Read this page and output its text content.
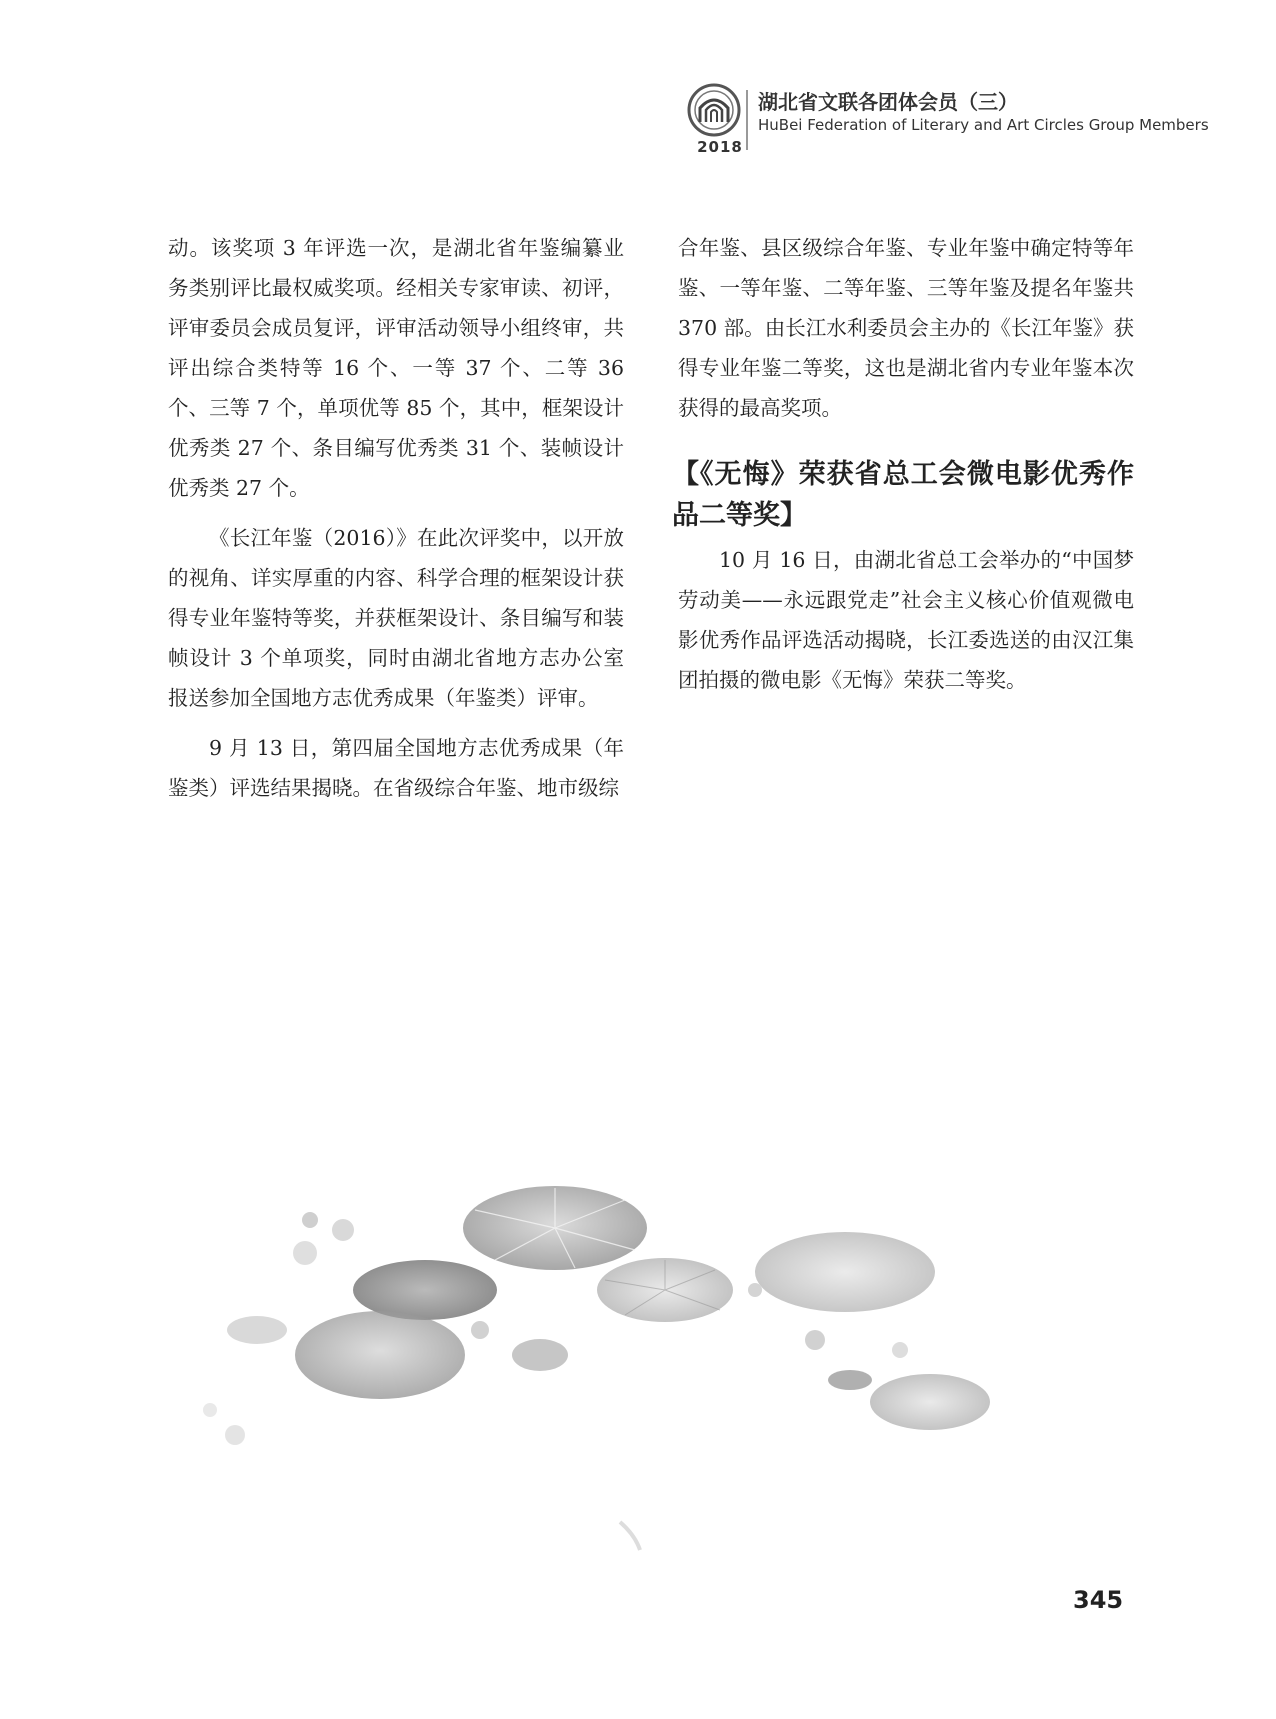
2018
湖北省文联各团体会员（三）
HuBei Federation of Literary and Art Circles Group Members

动。该奖项 3 年评选一次，是湖北省年鉴编纂业务类别评比最权威奖项。经相关专家审读、初评，评审委员会成员复评，评审活动领导小组终审，共评出综合类特等 16 个、一等 37 个、二等 36 个、三等 7 个，单项优等 85 个，其中，框架设计优秀类 27 个、条目编写优秀类 31 个、装帧设计优秀类 27 个。

《长江年鉴（2016）》在此次评奖中，以开放的视角、详实厚重的内容、科学合理的框架设计获得专业年鉴特等奖，并获框架设计、条目编写和装帧设计 3 个单项奖，同时由湖北省地方志办公室报送参加全国地方志优秀成果（年鉴类）评审。

9 月 13 日，第四届全国地方志优秀成果（年鉴类）评选结果揭晓。在省级综合年鉴、地市级综

合年鉴、县区级综合年鉴、专业年鉴中确定特等年鉴、一等年鉴、二等年鉴、三等年鉴及提名年鉴共 370 部。由长江水利委员会主办的《长江年鉴》获得专业年鉴二等奖，这也是湖北省内专业年鉴本次获得的最高奖项。

【《无悔》荣获省总工会微电影优秀作品二等奖】

10 月 16 日，由湖北省总工会举办的“中国梦 劳动美——永远跟党走”社会主义核心价值观微电影优秀作品评选活动揭晓，长江委选送的由汉江集团拍摄的微电影《无悔》荣获二等奖。

345
